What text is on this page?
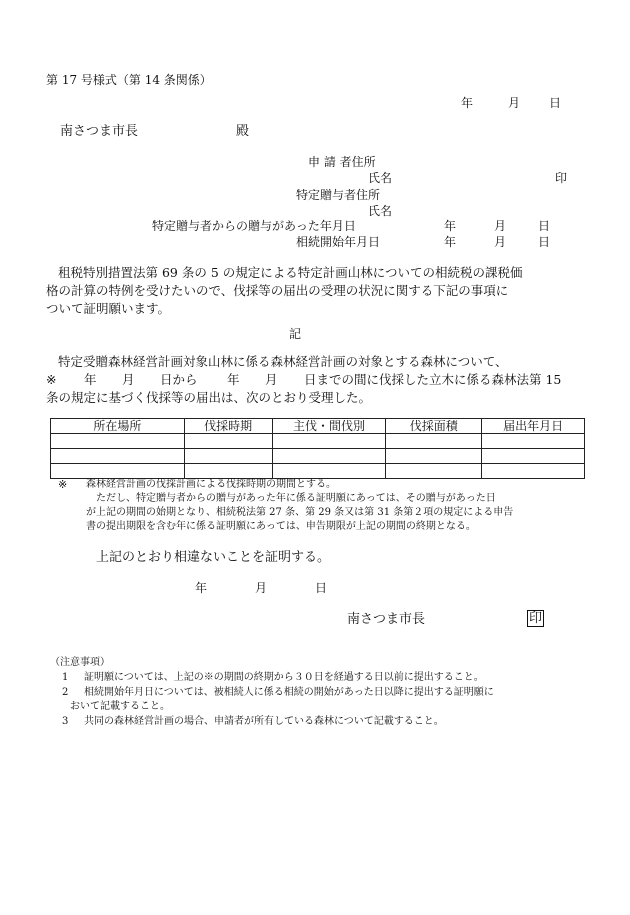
第 17 号様式（第 14 条関係）
年	月 日
南さつま市長	殿
申 請 者住所
氏名	印
特定贈与者住所
氏名
特定贈与者からの贈与があった年月日	年	月	日
相続開始年月日	年	月	日
租税特別措置法第 69 条の 5 の規定による特定計画山林についての相続税の課税価
格の計算の特例を受けたいので、伐採等の届出の受理の状況に関する下記の事項に
ついて証明願います。
記
特定受贈森林経営計画対象山林に係る森林経営計画の対象とする森林について、
※ 年 月 日から 年 月 日までの間に伐採した立木に係る森林法第 15
条の規定に基づく伐採等の届出は、次のとおり受理した。
所在場所	伐採時期	主伐・間伐別	伐採面積	届出年月日

※ 森林経営計画の伐採計画による伐採時期の期間とする。
ただし、特定贈与者からの贈与があった年に係る証明願にあっては、その贈与があった日
が上記の期間の始期となり、相続税法第 27 条、第 29 条又は第 31 条第２項の規定による申告
書の提出期限を含む年に係る証明願にあっては、申告期限が上記の期間の終期となる。
上記のとおり相違ないことを証明する。
年	月	日
南さつま市長	印
（注意事項）
1 証明願については、上記の※の期間の終期から３０日を経過する日以前に提出すること。
2 相続開始年月日については、被相続人に係る相続の開始があった日以降に提出する証明願に
おいて記載すること。
3 共同の森林経営計画の場合、申請者が所有している森林について記載すること。
